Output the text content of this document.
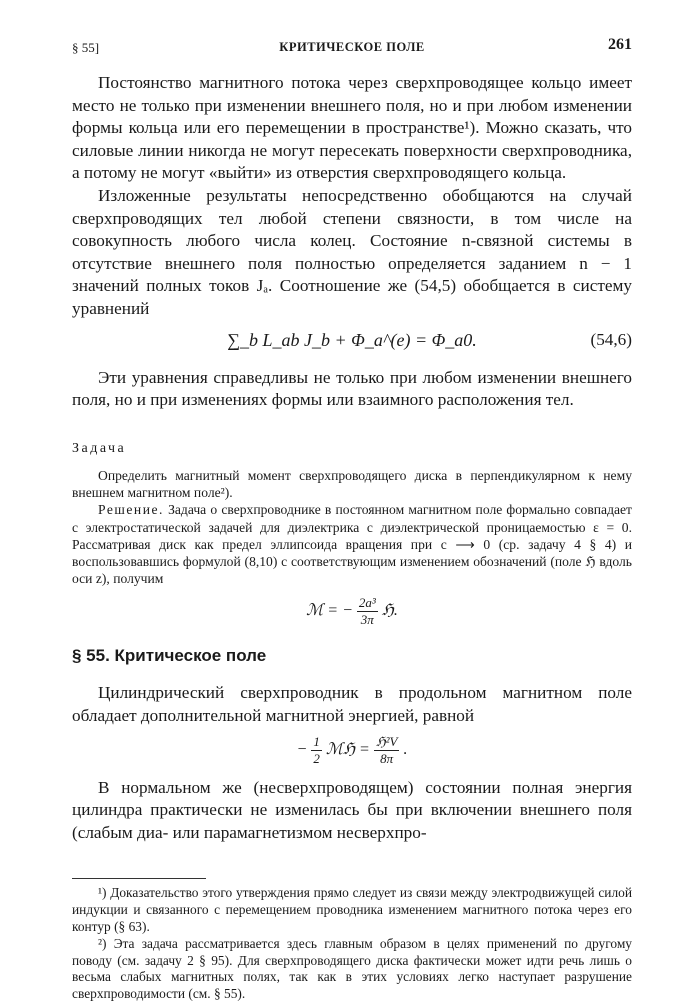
§ 55]	КРИТИЧЕСКОЕ ПОЛЕ	261

Постоянство магнитного потока через сверхпроводящее кольцо имеет место не только при изменении внешнего поля, но и при любом изменении формы кольца или его перемещении в пространстве¹). Можно сказать, что силовые линии никогда не могут пересекать поверхности сверхпроводника, а потому не могут «выйти» из отверстия сверхпроводящего кольца.

Изложенные результаты непосредственно обобщаются на случай сверхпроводящих тел любой степени связности, в том числе на совокупность любого числа колец. Состояние n-связной системы в отсутствие внешнего поля полностью определяется заданием n − 1 значений полных токов Jₐ. Соотношение же (54,5) обобщается в систему уравнений

∑_b L_ab J_b + Φ_a^(e) = Φ_a0.	(54,6)

Эти уравнения справедливы не только при любом изменении внешнего поля, но и при изменениях формы или взаимного расположения тел.

Задача

Определить магнитный момент сверхпроводящего диска в перпендикулярном к нему внешнем магнитном поле²).

Решение. Задача о сверхпроводнике в постоянном магнитном поле формально совпадает с электростатической задачей для диэлектрика с диэлектрической проницаемостью ε = 0. Рассматривая диск как предел эллипсоида вращения при c ⟶ 0 (ср. задачу 4 § 4) и воспользовавшись формулой (8,10) с соответствующим изменением обозначений (поле ℌ вдоль оси z), получим

ℳ = − $\frac{\text{2a³}}{3\pi}$ ℌ.
§ 55. Критическое поле

Цилиндрический сверхпроводник в продольном магнитном поле обладает дополнительной магнитной энергией, равной

− $\frac{1}{2}$ ℳℌ = $\frac{\text{ℌ²V}}{8\pi}$ .

В нормальном же (несверхпроводящем) состоянии полная энергия цилиндра практически не изменилась бы при включении внешнего поля (слабым диа- или парамагнетизмом несверхпро-

¹) Доказательство этого утверждения прямо следует из связи между электродвижущей силой индукции и связанного с перемещением проводника изменением магнитного потока через его контур (§ 63).

²) Эта задача рассматривается здесь главным образом в целях применений по другому поводу (см. задачу 2 § 95). Для сверхпроводящего диска фактически может идти речь лишь о весьма слабых магнитных полях, так как в этих условиях легко наступает разрушение сверхпроводимости (см. § 55).
